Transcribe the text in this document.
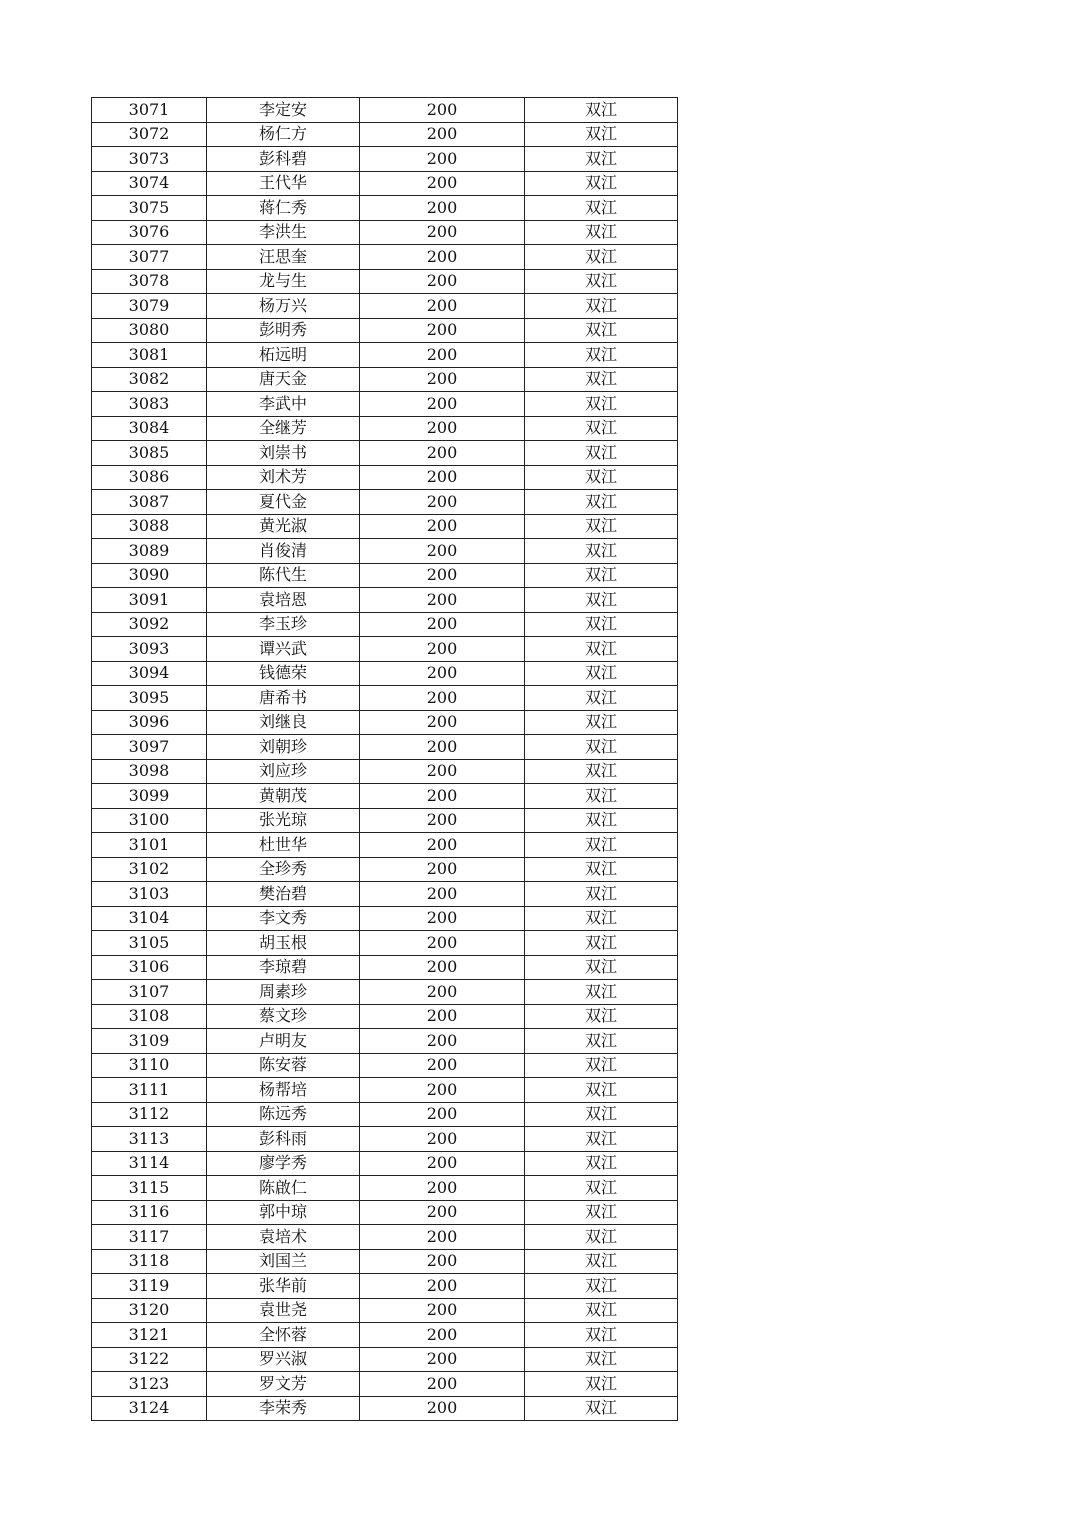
3071	李定安	200	双江
3072	杨仁方	200	双江
3073	彭科碧	200	双江
3074	王代华	200	双江
3075	蒋仁秀	200	双江
3076	李洪生	200	双江
3077	汪思奎	200	双江
3078	龙与生	200	双江
3079	杨万兴	200	双江
3080	彭明秀	200	双江
3081	柘远明	200	双江
3082	唐天金	200	双江
3083	李武中	200	双江
3084	全继芳	200	双江
3085	刘崇书	200	双江
3086	刘术芳	200	双江
3087	夏代金	200	双江
3088	黄光淑	200	双江
3089	肖俊清	200	双江
3090	陈代生	200	双江
3091	袁培恩	200	双江
3092	李玉珍	200	双江
3093	谭兴武	200	双江
3094	钱德荣	200	双江
3095	唐希书	200	双江
3096	刘继良	200	双江
3097	刘朝珍	200	双江
3098	刘应珍	200	双江
3099	黄朝茂	200	双江
3100	张光琼	200	双江
3101	杜世华	200	双江
3102	全珍秀	200	双江
3103	樊治碧	200	双江
3104	李文秀	200	双江
3105	胡玉根	200	双江
3106	李琼碧	200	双江
3107	周素珍	200	双江
3108	蔡文珍	200	双江
3109	卢明友	200	双江
3110	陈安蓉	200	双江
3111	杨帮培	200	双江
3112	陈远秀	200	双江
3113	彭科雨	200	双江
3114	廖学秀	200	双江
3115	陈啟仁	200	双江
3116	郭中琼	200	双江
3117	袁培术	200	双江
3118	刘国兰	200	双江
3119	张华前	200	双江
3120	袁世尧	200	双江
3121	全怀蓉	200	双江
3122	罗兴淑	200	双江
3123	罗文芳	200	双江
3124	李荣秀	200	双江
